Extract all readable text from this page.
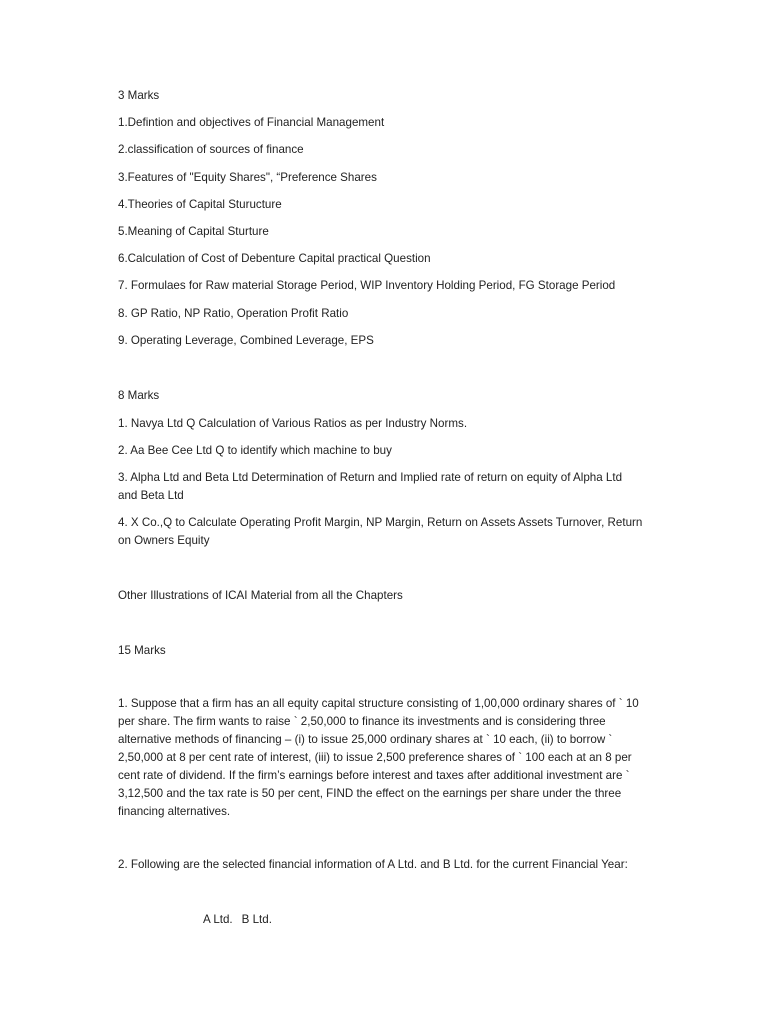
3 Marks
1.Defintion and objectives of Financial Management
2.classification of sources of finance
3.Features of "Equity Shares", “Preference Shares
4.Theories of Capital Sturucture
5.Meaning of Capital Sturture
6.Calculation of Cost of Debenture Capital practical Question
7. Formulaes for Raw material Storage Period, WIP Inventory Holding Period, FG Storage Period
8. GP Ratio, NP Ratio, Operation Profit Ratio
9. Operating Leverage, Combined Leverage, EPS
8 Marks
1. Navya Ltd Q Calculation of Various Ratios as per Industry Norms.
2. Aa Bee Cee Ltd Q to identify which machine to buy
3. Alpha Ltd and Beta Ltd Determination of Return and Implied rate of return on equity of Alpha Ltd
and Beta Ltd
4. X Co.,Q to Calculate Operating Profit Margin, NP Margin, Return on Assets Assets Turnover, Return
on Owners Equity
Other Illustrations of ICAI Material from all the Chapters
15 Marks
1. Suppose that a firm has an all equity capital structure consisting of 1,00,000 ordinary shares of ` 10
per share. The firm wants to raise ` 2,50,000 to finance its investments and is considering three
alternative methods of financing – (i) to issue 25,000 ordinary shares at ` 10 each, (ii) to borrow `
2,50,000 at 8 per cent rate of interest, (iii) to issue 2,500 preference shares of ` 100 each at an 8 per
cent rate of dividend. If the firm’s earnings before interest and taxes after additional investment are `
3,12,500 and the tax rate is 50 per cent, FIND the effect on the earnings per share under the three
financing alternatives.
2. Following are the selected financial information of A Ltd. and B Ltd. for the current Financial Year:
A Ltd. B Ltd.
